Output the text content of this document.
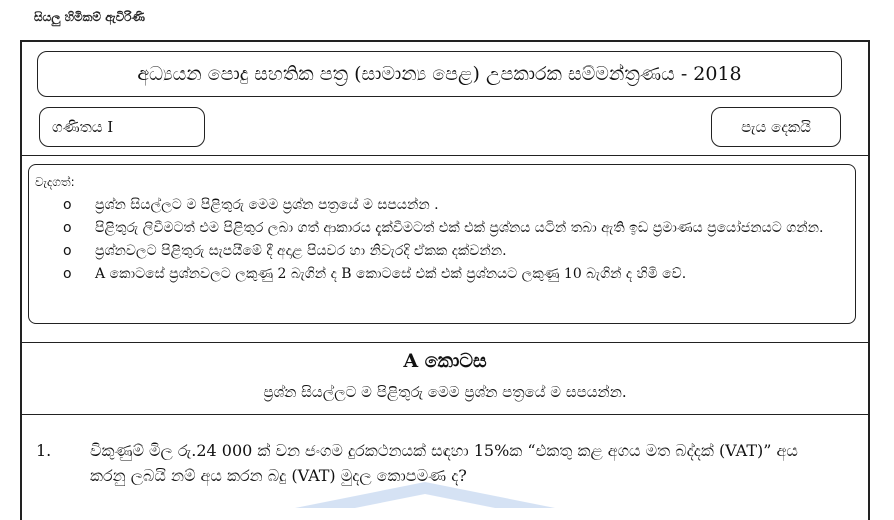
සියලු හිමිකම් ඇවිරිණි
අධ්‍යයන පොදු සහතික පත්‍ර (සාමාන්‍ය පෙළ) උපකාරක සම්මන්ත්‍රණය - 2018
ගණිතය I	පැය දෙකයි
වැදගත්:
o ප්‍රශ්න සියල්ලට ම පිළිතුරු මෙම ප්‍රශ්න පත්‍රයේ ම සපයන්න .
o පිළිතුරු ලිවීමටත් එම පිළිතුර ලබා ගත් ආකාරය දැක්වීමටත් එක් එක් ප්‍රශ්නය යටින් තබා ඇති ඉඩ ප්‍රමාණය ප්‍රයෝජනයට ගන්න.
o ප්‍රශ්නවලට පිළිතුරු සැපයීමේ දී අදාළ පියවර හා නිවැරදි ඒකක දක්වන්න.
o A කොටසේ ප්‍රශ්නවලට ලකුණු 2 බැගින් ද B කොටසේ එක් එක් ප්‍රශ්නයට ලකුණු 10 බැගින් ද හිමි වේ.
A කොටස
ප්‍රශ්න සියල්ලට ම පිළිතුරු මෙම ප්‍රශ්න පත්‍රයේ ම සපයන්න.
1. විකුණුම් මිල රු.24 000 ක් වන ජංගම දුරකථනයක් සඳහා 15%ක “එකතු කළ අගය මත බද්දක් (VAT)” අය කරනු ලබයි නම් අය කරන බදු (VAT) මුදල කොපමණ ද?
